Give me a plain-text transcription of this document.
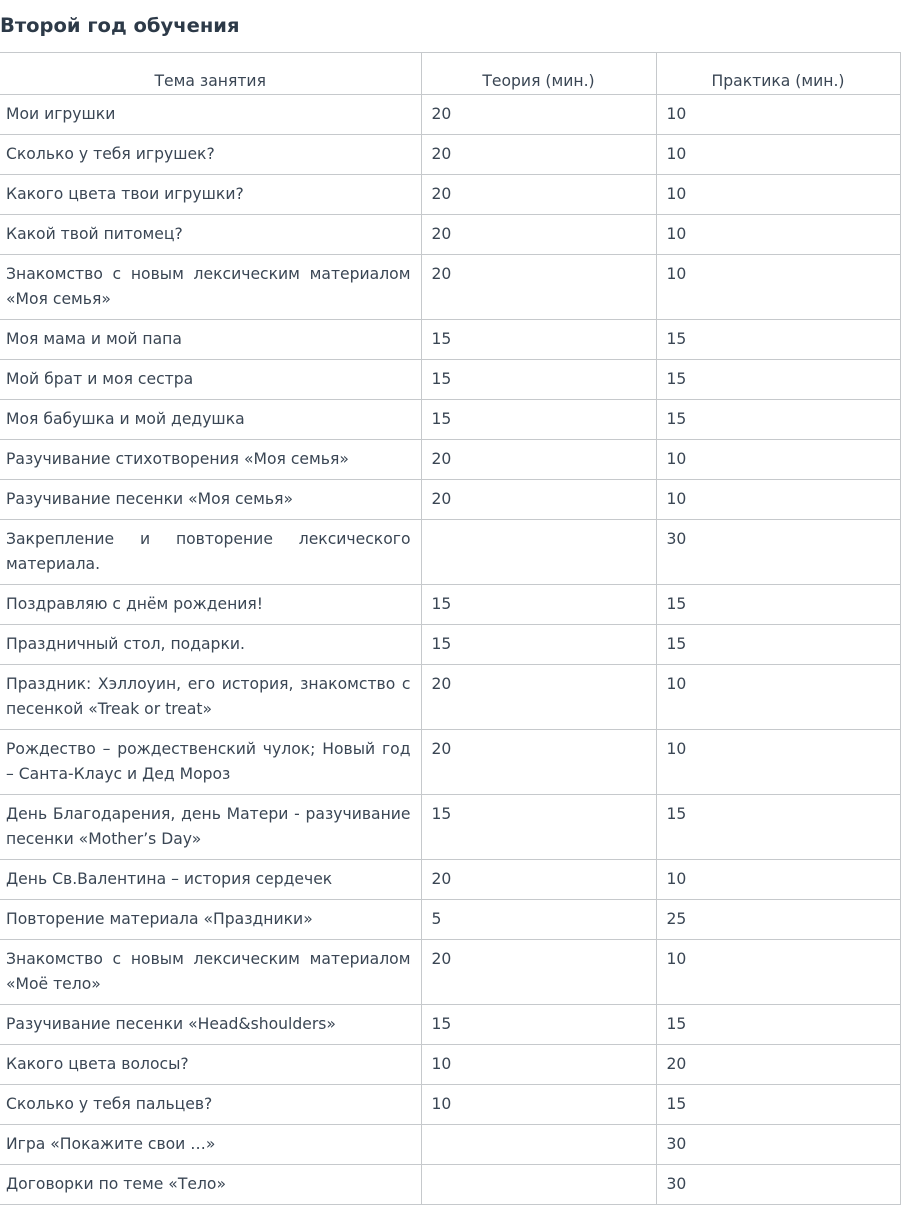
Второй год обучения
Тема занятия	Теория (мин.)	Практика (мин.)
Мои игрушки	20	10
Сколько у тебя игрушек?	20	10
Какого цвета твои игрушки?	20	10
Какой твой питомец?	20	10
Знакомство с новым лексическим материалом «Моя семья»	20	10
Моя мама и мой папа	15	15
Мой брат и моя сестра	15	15
Моя бабушка и мой дедушка	15	15
Разучивание стихотворения «Моя семья»	20	10
Разучивание песенки «Моя семья»	20	10
Закрепление и повторение лексического материала.		30
Поздравляю с днём рождения!	15	15
Праздничный стол, подарки.	15	15
Праздник: Хэллоуин, его история, знакомство с песенкой «Treak or treat»	20	10
Рождество – рождественский чулок; Новый год – Санта-Клаус и Дед Мороз	20	10
День Благодарения, день Матери - разучивание песенки «Mother’s Day»	15	15
День Св.Валентина – история сердечек	20	10
Повторение материала «Праздники»	5	25
Знакомство с новым лексическим материалом «Моё тело»	20	10
Разучивание песенки «Head&shoulders»	15	15
Какого цвета волосы?	10	20
Сколько у тебя пальцев?	10	15
Игра «Покажите свои …»		30
Договорки по теме «Тело»		30
